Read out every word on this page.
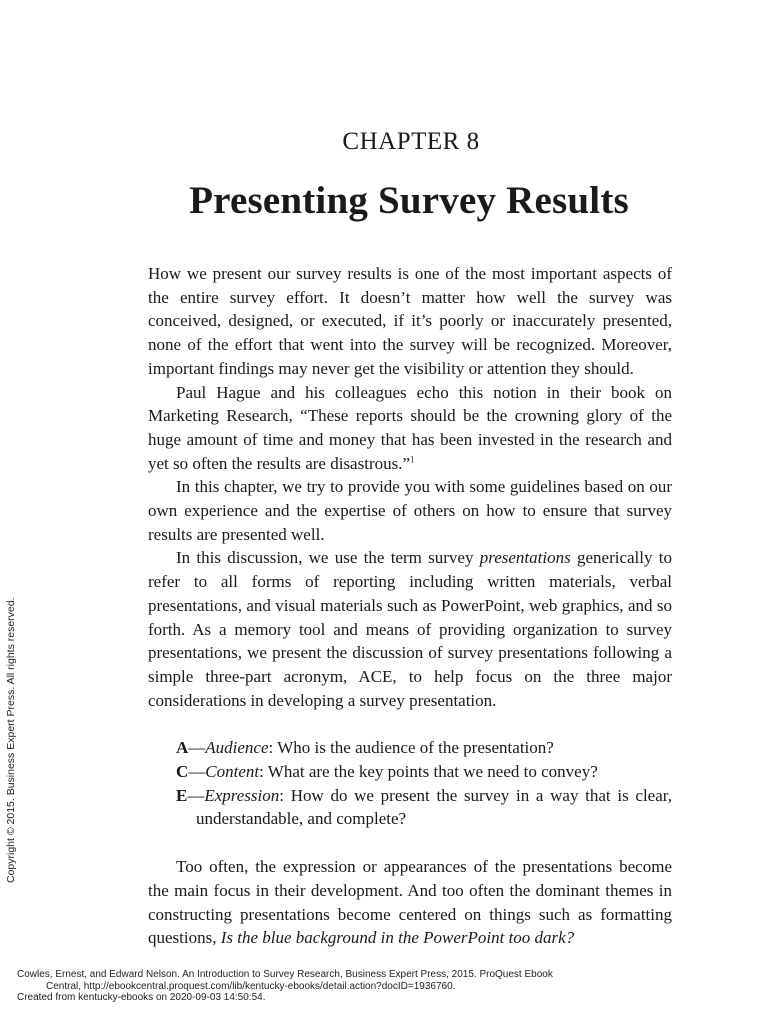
CHAPTER 8
Presenting Survey Results

How we present our survey results is one of the most important aspects of the entire survey effort. It doesn’t matter how well the survey was conceived, designed, or executed, if it’s poorly or inaccurately presented, none of the effort that went into the survey will be recognized. Moreover, important findings may never get the visibility or attention they should.

Paul Hague and his colleagues echo this notion in their book on Marketing Research, “These reports should be the crowning glory of the huge amount of time and money that has been invested in the research and yet so often the results are disastrous.”$^1$

In this chapter, we try to provide you with some guidelines based on our own experience and the expertise of others on how to ensure that survey results are presented well.

In this discussion, we use the term survey presentations generically to refer to all forms of reporting including written materials, verbal presentations, and visual materials such as PowerPoint, web graphics, and so forth. As a memory tool and means of providing organization to survey presentations, we present the discussion of survey presentations following a simple three-part acronym, ACE, to help focus on the three major considerations in developing a survey presentation.

A—Audience: Who is the audience of the presentation?
C—Content: What are the key points that we need to convey?
E—Expression: How do we present the survey in a way that is clear, understandable, and complete?

Too often, the expression or appearances of the presentations become the main focus in their development. And too often the dominant themes in constructing presentations become centered on things such as formatting questions, Is the blue background in the PowerPoint too dark?

Copyright © 2015. Business Expert Press. All rights reserved.
Cowles, Ernest, and Edward Nelson. An Introduction to Survey Research, Business Expert Press, 2015. ProQuest Ebook
Central, http://ebookcentral.proquest.com/lib/kentucky-ebooks/detail.action?docID=1936760.
Created from kentucky-ebooks on 2020-09-03 14:50:54.
